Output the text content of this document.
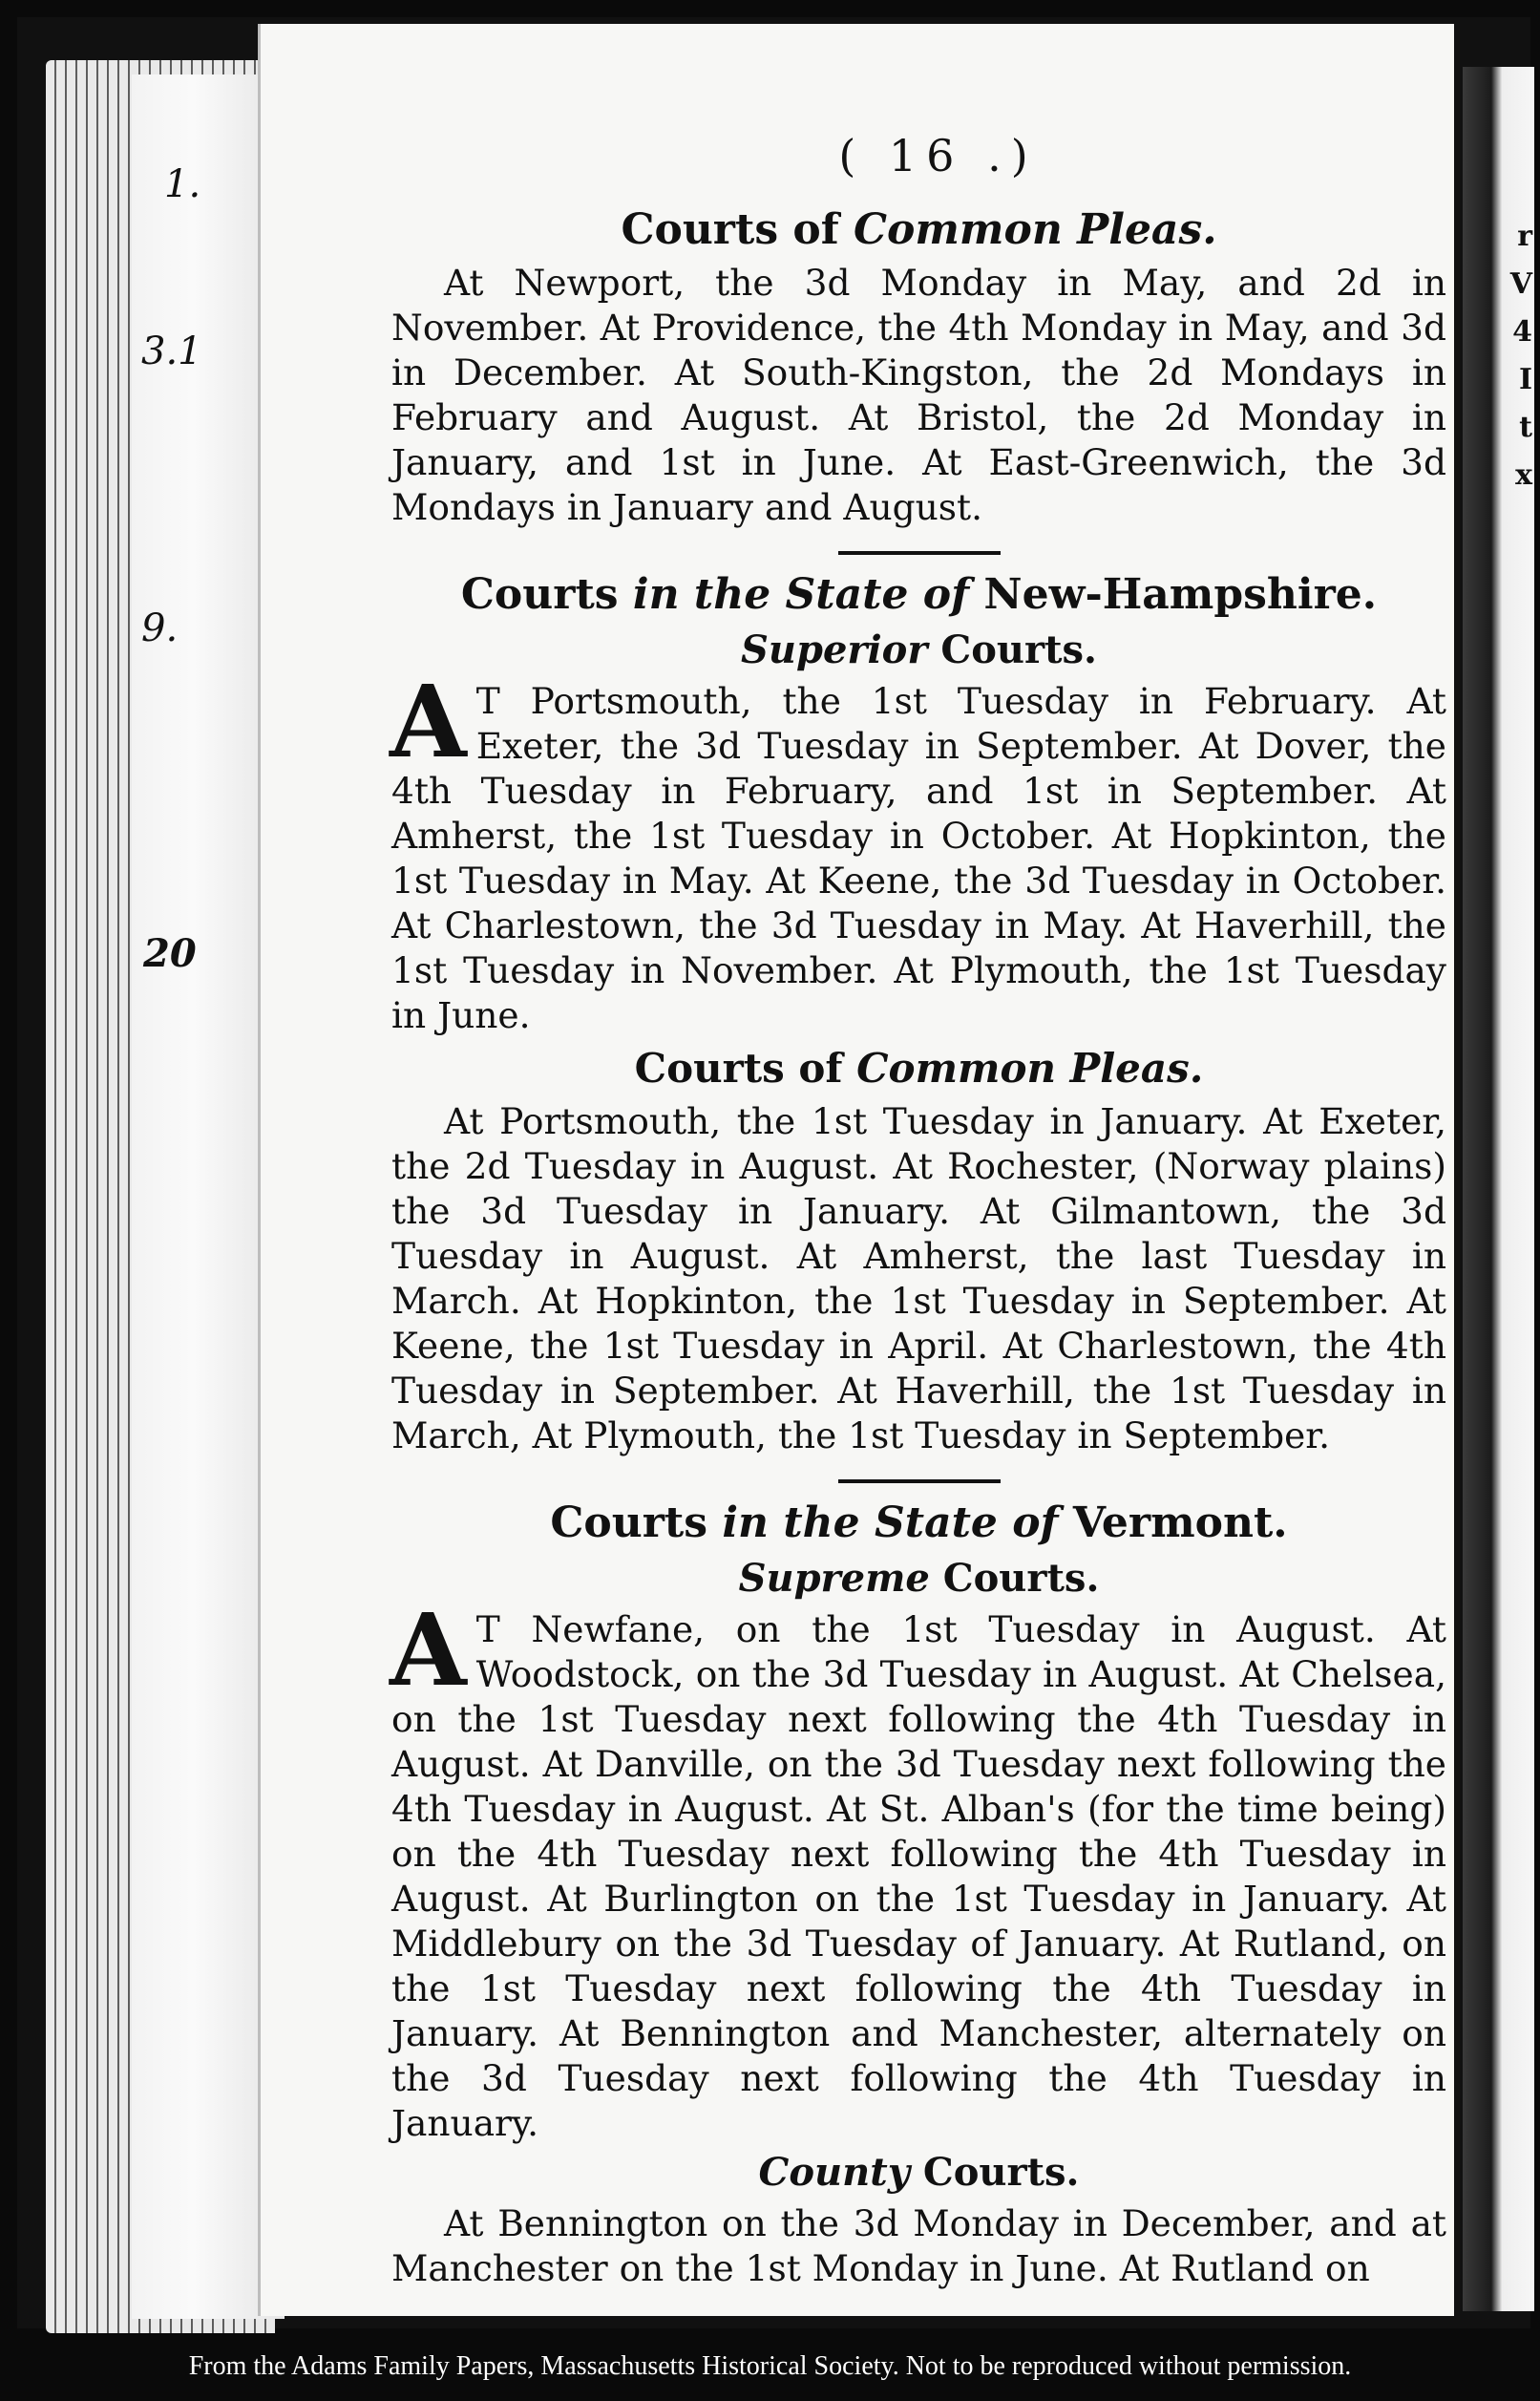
r
V
4
I
t
x
1.
3.1
9.
20
( 16 .)
Courts of Common Pleas.

At Newport, the 3d Monday in May, and 2d in November. At Providence, the 4th Monday in May, and 3d in December. At South-Kingston, the 2d Mondays in February and August. At Bristol, the 2d Monday in January, and 1st in June. At East-Greenwich, the 3d Mondays in January and August.

Courts in the State of New-Hampshire.
Superior Courts.

A T Portsmouth, the 1st Tuesday in February. At Exeter, the 3d Tuesday in September. At Dover, the 4th Tuesday in February, and 1st in September. At Amherst, the 1st Tuesday in October. At Hopkinton, the 1st Tuesday in May. At Keene, the 3d Tuesday in October. At Charlestown, the 3d Tuesday in May. At Haverhill, the 1st Tuesday in November. At Plymouth, the 1st Tuesday in June.

Courts of Common Pleas.

At Portsmouth, the 1st Tuesday in January. At Exeter, the 2d Tuesday in August. At Rochester, (Norway plains) the 3d Tuesday in January. At Gilmantown, the 3d Tuesday in August. At Amherst, the last Tuesday in March. At Hopkinton, the 1st Tuesday in September. At Keene, the 1st Tuesday in April. At Charlestown, the 4th Tuesday in September. At Haverhill, the 1st Tuesday in March, At Plymouth, the 1st Tuesday in September.

Courts in the State of Vermont.
Supreme Courts.

A T Newfane, on the 1st Tuesday in August. At Woodstock, on the 3d Tuesday in August. At Chelsea, on the 1st Tuesday next following the 4th Tuesday in August. At Danville, on the 3d Tuesday next following the 4th Tuesday in August. At St. Alban's (for the time being) on the 4th Tuesday next following the 4th Tuesday in August. At Burlington on the 1st Tuesday in January. At Middlebury on the 3d Tuesday of January. At Rutland, on the 1st Tuesday next following the 4th Tuesday in January. At Bennington and Manchester, alternately on the 3d Tuesday next following the 4th Tuesday in January.

County Courts.

At Bennington on the 3d Monday in December, and at Manchester on the 1st Monday in June. At Rutland on

From the Adams Family Papers, Massachusetts Historical Society. Not to be reproduced without permission.
